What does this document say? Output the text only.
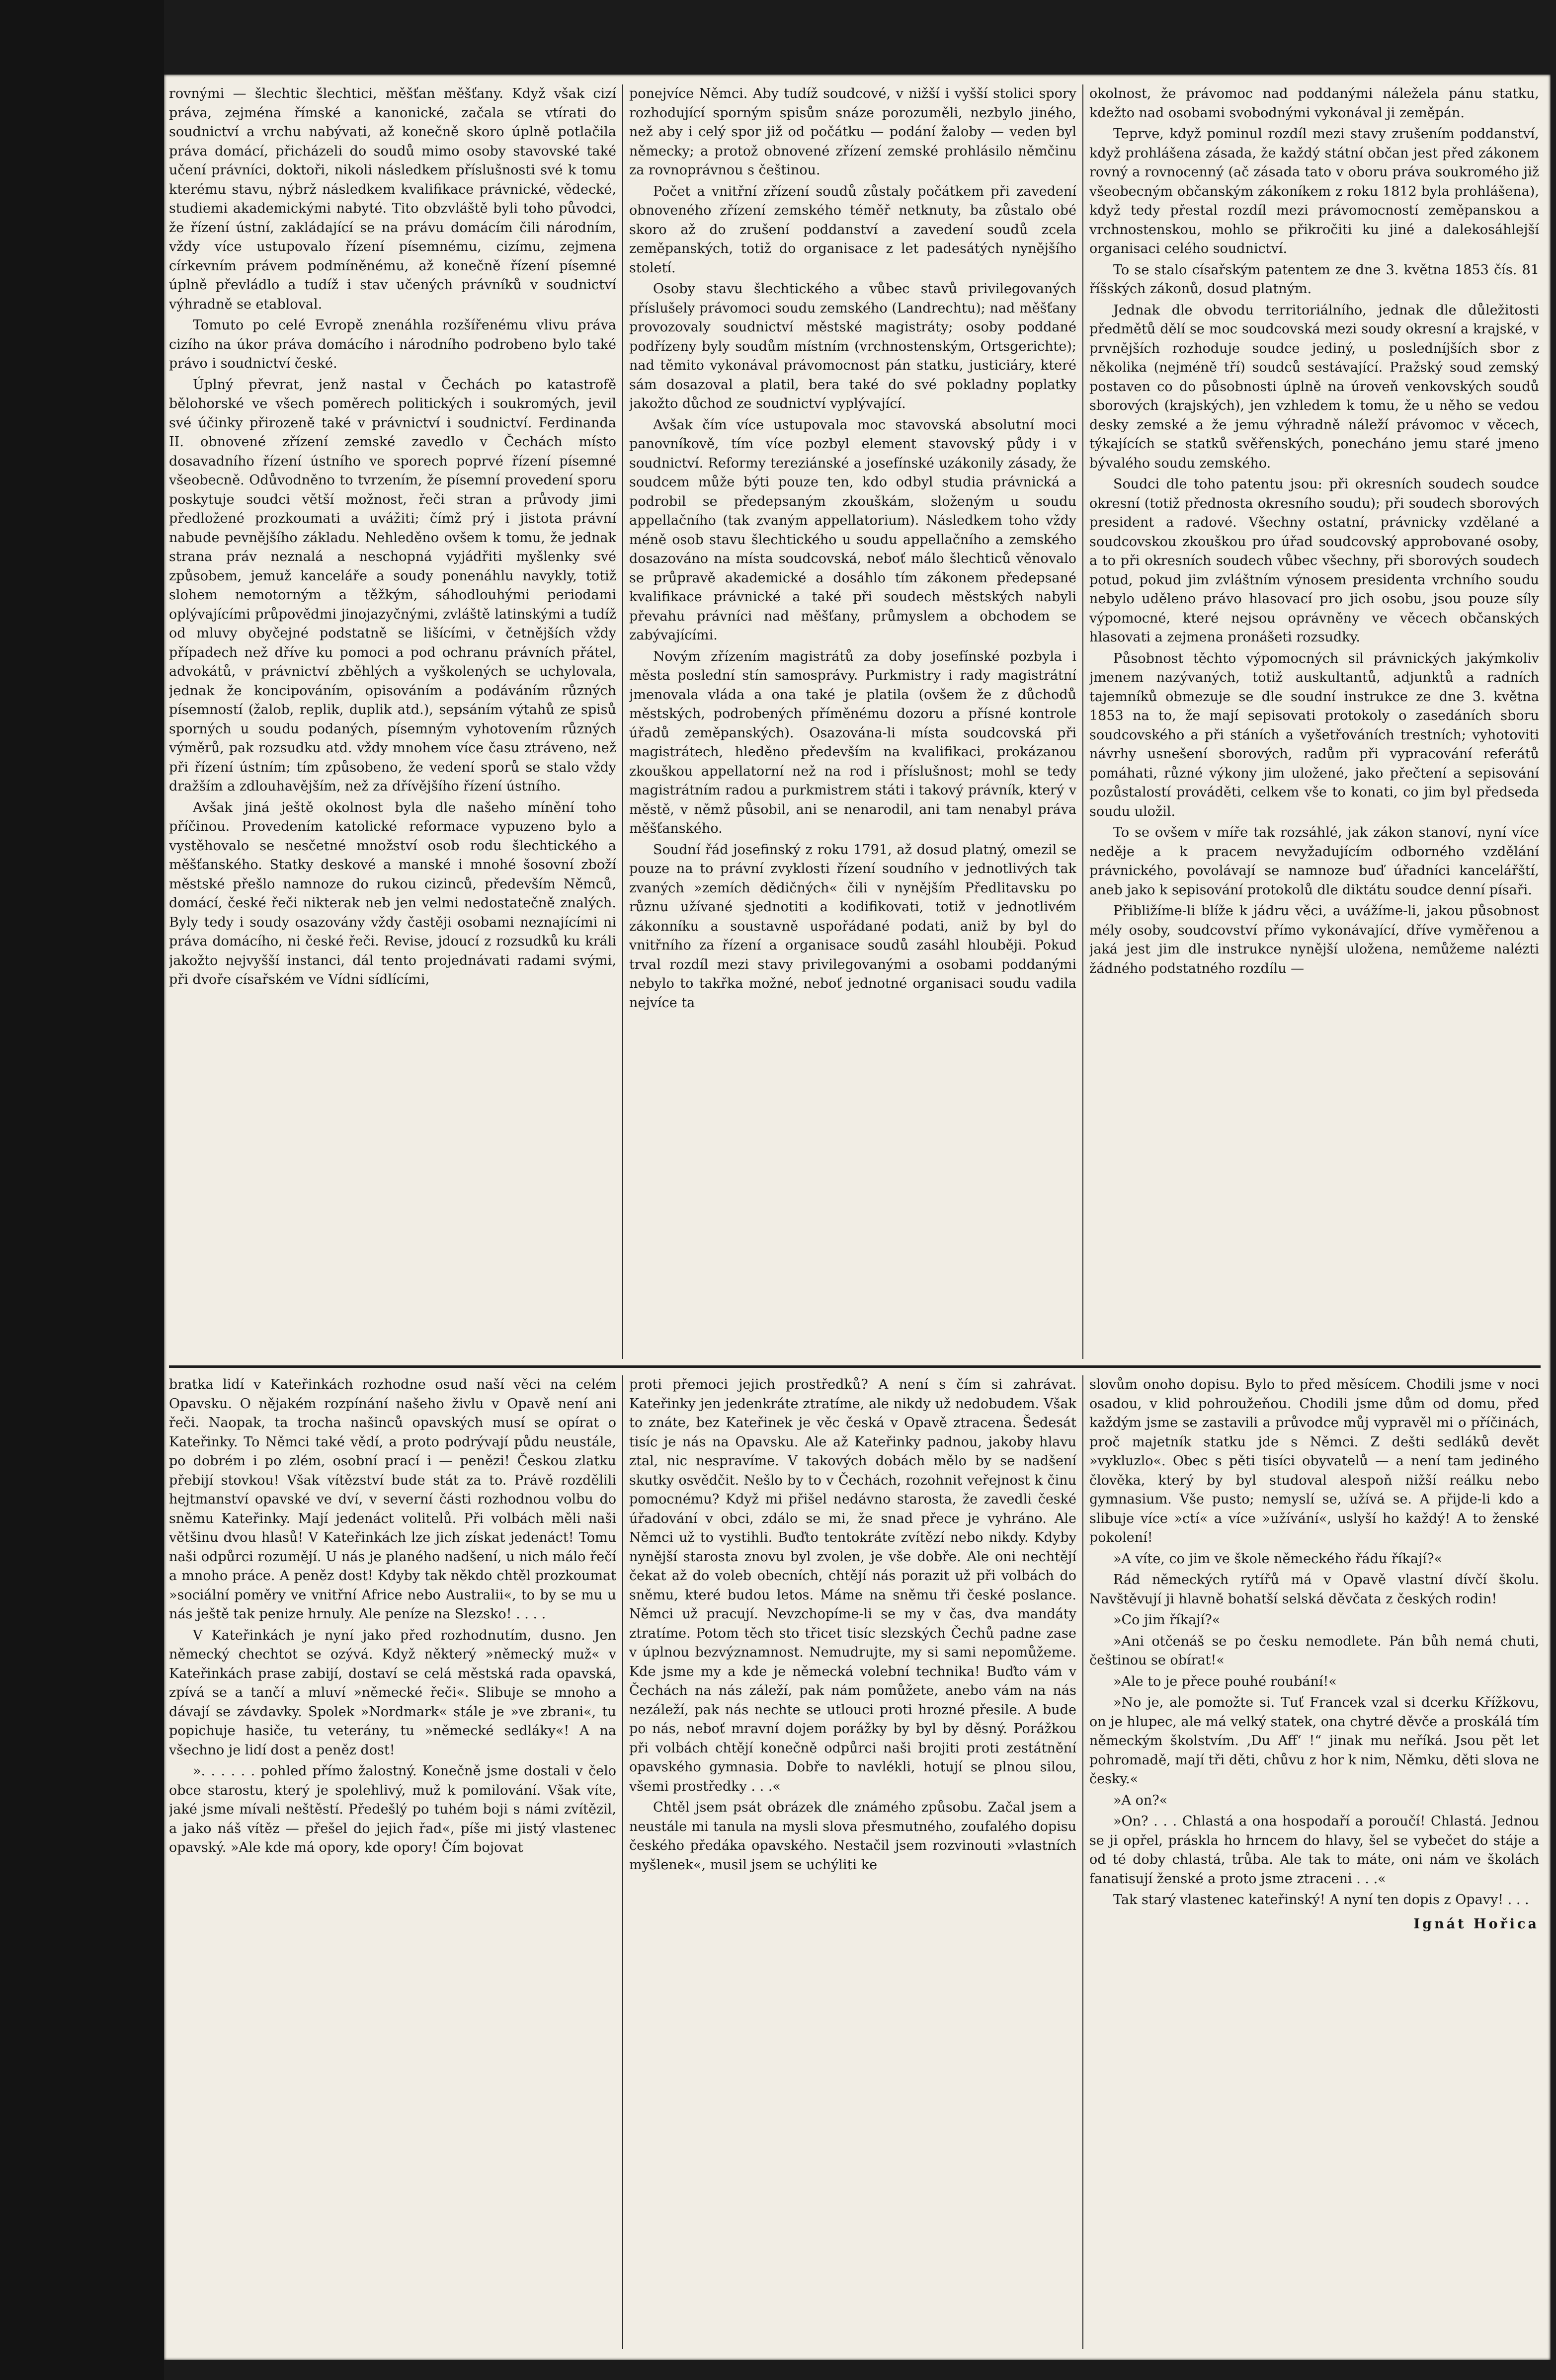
rovnými — šlechtic šlechtici, měšťan měšťany. Když však cizí práva, zejména římské a kanonické, začala se vtírati do soudnictví a vrchu nabývati, až konečně skoro úplně potlačila práva domácí, přicházeli do soudů mimo osoby stavovské také učení právníci, doktoři, nikoli následkem příslušnosti své k tomu kterému stavu, nýbrž následkem kvalifikace právnické, vědecké, studiemi akademickými nabyté. Tito obzvláště byli toho původci, že řízení ústní, zakládající se na právu domácím čili národním, vždy více ustupovalo řízení písemnému, cizímu, zejmena církevním právem podmíněnému, až konečně řízení písemné úplně převládlo a tudíž i stav učených právníků v soudnictví výhradně se etabloval.

Tomuto po celé Evropě znenáhla rozšířenému vlivu práva cizího na úkor práva domácího i národního podrobeno bylo také právo i soudnictví české.

Úplný převrat, jenž nastal v Čechách po katastrofě bělohorské ve všech poměrech politických i soukromých, jevil své účinky přirozeně také v právnictví i soudnictví. Ferdinanda II. obnovené zřízení zemské zavedlo v Čechách místo dosavadního řízení ústního ve sporech poprvé řízení písemné všeobecně. Odůvodněno to tvrzením, že písemní provedení sporu poskytuje soudci větší možnost, řeči stran a průvody jimi předložené prozkoumati a uvážiti; čímž prý i jistota právní nabude pevnějšího základu. Nehleděno ovšem k tomu, že jednak strana práv neznalá a neschopná vyjádřiti myšlenky své způsobem, jemuž kanceláře a soudy ponenáhlu navykly, totiž slohem nemotorným a těžkým, sáhodlouhými periodami oplývajícími průpovědmi jinojazyčnými, zvláště latinskými a tudíž od mluvy obyčejné podstatně se lišícími, v četnějších vždy případech než dříve ku pomoci a pod ochranu právních přátel, advokátů, v právnictví zběhlých a vyškolených se uchylovala, jednak že koncipováním, opisováním a podáváním různých písemností (žalob, replik, duplik atd.), sepsáním výtahů ze spisů sporných u soudu podaných, písemným vyhotovením různých výměrů, pak rozsudku atd. vždy mnohem více času ztráveno, než při řízení ústním; tím způsobeno, že vedení sporů se stalo vždy dražším a zdlouhavějším, než za dřívějšího řízení ústního.

Avšak jiná ještě okolnost byla dle našeho mínění toho příčinou. Provedením katolické reformace vypuzeno bylo a vystěhovalo se nesčetné množství osob rodu šlechtického a měšťanského. Statky deskové a manské i mnohé šosovní zboží městské přešlo namnoze do rukou cizinců, především Němců, domácí, české řeči nikterak neb jen velmi nedostatečně znalých. Byly tedy i soudy osazovány vždy častěji osobami neznajícími ni práva domácího, ni české řeči. Revise, jdoucí z rozsudků ku králi jakožto nejvyšší instanci, dál tento projednávati radami svými, při dvoře císařském ve Vídni sídlícími,

ponejvíce Němci. Aby tudíž soudcové, v nižší i vyšší stolici spory rozhodující sporným spisům snáze porozuměli, nezbylo jiného, než aby i celý spor již od počátku — podání žaloby — veden byl německy; a protož obnovené zřízení zemské prohlásilo němčinu za rovnoprávnou s češtinou.

Počet a vnitřní zřízení soudů zůstaly počátkem při zavedení obnoveného zřízení zemského téměř netknuty, ba zůstalo obé skoro až do zrušení poddanství a zavedení soudů zcela zeměpanských, totiž do organisace z let padesátých nynějšího století.

Osoby stavu šlechtického a vůbec stavů privilegovaných příslušely právomoci soudu zemského (Landrechtu); nad měšťany provozovaly soudnictví městské magistráty; osoby poddané podřízeny byly soudům místním (vrchnostenským, Ortsgerichte); nad těmito vykonával právomocnost pán statku, justiciáry, které sám dosazoval a platil, bera také do své pokladny poplatky jakožto důchod ze soudnictví vyplývající.

Avšak čím více ustupovala moc stavovská absolutní moci panovníkově, tím více pozbyl element stavovský půdy i v soudnictví. Reformy tereziánské a josefínské uzákonily zásady, že soudcem může býti pouze ten, kdo odbyl studia právnická a podrobil se předepsaným zkouškám, složeným u soudu appellačního (tak zvaným appellatorium). Následkem toho vždy méně osob stavu šlechtického u soudu appellačního a zemského dosazováno na místa soudcovská, neboť málo šlechticů věnovalo se průpravě akademické a dosáhlo tím zákonem předepsané kvalifikace právnické a také při soudech městských nabyli převahu právníci nad měšťany, průmyslem a obchodem se zabývajícími.

Novým zřízením magistrátů za doby josefínské pozbyla i města poslední stín samosprávy. Purkmistry i rady magistrátní jmenovala vláda a ona také je platila (ovšem že z důchodů městských, podrobených příměnému dozoru a přísné kontrole úřadů zeměpanských). Osazována-li místa soudcovská při magistrátech, hleděno především na kvalifikaci, prokázanou zkouškou appellatorní než na rod i příslušnost; mohl se tedy magistrátním radou a purkmistrem státi i takový právník, který v městě, v němž působil, ani se nenarodil, ani tam nenabyl práva měšťanského.

Soudní řád josefinský z roku 1791, až dosud platný, omezil se pouze na to právní zvyklosti řízení soudního v jednotlivých tak zvaných »zemích dědičných« čili v nynějším Předlitavsku po různu užívané sjednotiti a kodifikovati, totiž v jednotlivém zákonníku a soustavně uspořádané podati, aniž by byl do vnitřního za řízení a organisace soudů zasáhl hlouběji. Pokud trval rozdíl mezi stavy privilegovanými a osobami poddanými nebylo to takřka možné, neboť jednotné organisaci soudu vadila nejvíce ta

okolnost, že právomoc nad poddanými náležela pánu statku, kdežto nad osobami svobodnými vykonával ji zeměpán.

Teprve, když pominul rozdíl mezi stavy zrušením poddanství, když prohlášena zásada, že každý státní občan jest před zákonem rovný a rovnocenný (ač zásada tato v oboru práva soukromého již všeobecným občanským zákoníkem z roku 1812 byla prohlášena), když tedy přestal rozdíl mezi právomocností zeměpanskou a vrchnostenskou, mohlo se přikročiti ku jiné a dalekosáhlejší organisaci celého soudnictví.

To se stalo císařským patentem ze dne 3. května 1853 čís. 81 říšských zákonů, dosud platným.

Jednak dle obvodu territoriálního, jednak dle důležitosti předmětů dělí se moc soudcovská mezi soudy okresní a krajské, v prvnějších rozhoduje soudce jediný, u posledníjších sbor z několika (nejméně tří) soudců sestávající. Pražský soud zemský postaven co do působnosti úplně na úroveň venkovských soudů sborových (krajských), jen vzhledem k tomu, že u něho se vedou desky zemské a že jemu výhradně náleží právomoc v věcech, týkajících se statků svěřenských, ponecháno jemu staré jmeno bývalého soudu zemského.

Soudci dle toho patentu jsou: při okresních soudech soudce okresní (totiž přednosta okresního soudu); při soudech sborových president a radové. Všechny ostatní, právnicky vzdělané a soudcovskou zkouškou pro úřad soudcovský approbované osoby, a to při okresních soudech vůbec všechny, při sborových soudech potud, pokud jim zvláštním výnosem presidenta vrchního soudu nebylo uděleno právo hlasovací pro jich osobu, jsou pouze síly výpomocné, které nejsou oprávněny ve věcech občanských hlasovati a zejmena pronášeti rozsudky.

Působnost těchto výpomocných sil právnických jakýmkoliv jmenem nazývaných, totiž auskultantů, adjunktů a radních tajemníků obmezuje se dle soudní instrukce ze dne 3. května 1853 na to, že mají sepisovati protokoly o zasedáních sboru soudcovského a při stáních a vyšetřováních trestních; vyhotoviti návrhy usnešení sborových, radům při vypracování referátů pomáhati, různé výkony jim uložené, jako přečtení a sepisování pozůstalostí prováděti, celkem vše to konati, co jim byl předseda soudu uložil.

To se ovšem v míře tak rozsáhlé, jak zákon stanoví, nyní více neděje a k pracem nevyžadujícím odborného vzdělání právnického, povolávají se namnoze buď úřadníci kancelářští, aneb jako k sepisování protokolů dle diktátu soudce denní písaři.

Přibližíme-li blíže k jádru věci, a uvážíme-li, jakou působnost mély osoby, soudcovství přímo vykonávající, dříve vyměřenou a jaká jest jim dle instrukce nynější uložena, nemůžeme nalézti žádného podstatného rozdílu —

bratka lidí v Kateřinkách rozhodne osud naší věci na celém Opavsku. O nějakém rozpínání našeho živlu v Opavě není ani řeči. Naopak, ta trocha našinců opavských musí se opírat o Kateřinky. To Němci také vědí, a proto podrývají půdu neustále, po dobrém i po zlém, osobní prací i — penězi! Českou zlatku přebijí stovkou! Však vítězství bude stát za to. Právě rozdělili hejtmanství opavské ve dví, v severní části rozhodnou volbu do sněmu Kateřinky. Mají jedenáct volitelů. Při volbách měli naši většinu dvou hlasů! V Kateřinkách lze jich získat jedenáct! Tomu naši odpůrci rozumějí. U nás je planého nadšení, u nich málo řečí a mnoho práce. A peněz dost! Kdyby tak někdo chtěl prozkoumat »sociální poměry ve vnitřní Africe nebo Australii«, to by se mu u nás ještě tak penize hrnuly. Ale peníze na Slezsko! . . . .

V Kateřinkách je nyní jako před rozhodnutím, dusno. Jen německý chechtot se ozývá. Když některý »německý muž« v Kateřinkách prase zabijí, dostaví se celá městská rada opavská, zpívá se a tančí a mluví »německé řeči«. Slibuje se mnoho a dávají se závdavky. Spolek »Nordmark« stále je »ve zbrani«, tu popichuje hasiče, tu veterány, tu »německé sedláky«! A na všechno je lidí dost a peněz dost!

». . . . . . pohled přímo žalostný. Konečně jsme dostali v čelo obce starostu, který je spolehlivý, muž k pomilování. Však víte, jaké jsme mívali neštěstí. Předešlý po tuhém boji s námi zvítězil, a jako náš vítěz — přešel do jejich řad«, píše mi jistý vlastenec opavský. »Ale kde má opory, kde opory! Čím bojovat

proti přemoci jejich prostředků? A není s čím si zahrávat. Kateřinky jen jedenkráte ztratíme, ale nikdy už nedobudem. Však to znáte, bez Kateřinek je věc česká v Opavě ztracena. Šedesát tisíc je nás na Opavsku. Ale až Kateřinky padnou, jakoby hlavu ztal, nic nespravíme. V takových dobách mělo by se nadšení skutky osvědčit. Nešlo by to v Čechách, rozohnit veřejnost k činu pomocnému? Když mi přišel nedávno starosta, že zavedli české úřadování v obci, zdálo se mi, že snad přece je vyhráno. Ale Němci už to vystihli. Buďto tentokráte zvítězí nebo nikdy. Kdyby nynější starosta znovu byl zvolen, je vše dobře. Ale oni nechtějí čekat až do voleb obecních, chtějí nás porazit už při volbách do sněmu, které budou letos. Máme na sněmu tři české poslance. Němci už pracují. Nevzchopíme-li se my v čas, dva mandáty ztratíme. Potom těch sto třicet tisíc slezských Čechů padne zase v úplnou bezvýznamnost. Nemudrujte, my si sami nepomůžeme. Kde jsme my a kde je německá volební technika! Buďto vám v Čechách na nás záleží, pak nám pomůžete, anebo vám na nás nezáleží, pak nás nechte se utlouci proti hrozné přesile. A bude po nás, neboť mravní dojem porážky by byl by děsný. Porážkou při volbách chtějí konečně odpůrci naši brojiti proti zestátnění opavského gymnasia. Dobře to navlékli, hotují se plnou silou, všemi prostředky . . .«

Chtěl jsem psát obrázek dle známého způsobu. Začal jsem a neustále mi tanula na mysli slova přesmutného, zoufalého dopisu českého předáka opavského. Nestačil jsem rozvinouti »vlastních myšlenek«, musil jsem se uchýliti ke

slovům onoho dopisu. Bylo to před měsícem. Chodili jsme v noci osadou, v klid pohroužeňou. Chodili jsme dům od domu, před každým jsme se zastavili a průvodce můj vypravěl mi o příčinách, proč majetník statku jde s Němci. Z dešti sedláků devět »vykluzlo«. Obec s pěti tisíci obyvatelů — a není tam jediného člověka, který by byl studoval alespoň nižší reálku nebo gymnasium. Vše pusto; nemyslí se, užívá se. A přijde-li kdo a slibuje více »ctí« a více »užívání«, uslyší ho každý! A to ženské pokolení!

»A víte, co jim ve škole německého řádu říkají?«

Rád německých rytířů má v Opavě vlastní dívčí školu. Navštěvují ji hlavně bohatší selská děvčata z českých rodin!

»Co jim říkají?«

»Ani otčenáš se po česku nemodlete. Pán bůh nemá chuti, češtinou se obírat!«

»Ale to je přece pouhé roubání!«

»No je, ale pomožte si. Tuť Francek vzal si dcerku Křížkovu, on je hlupec, ale má velký statek, ona chytré děvče a proskálá tím německým školstvím. ‚Du Aff‘ !“ jinak mu neříká. Jsou pět let pohromadě, mají tři děti, chůvu z hor k nim, Němku, děti slova ne česky.«

»A on?«

»On? . . . Chlastá a ona hospodaří a poroučí! Chlastá. Jednou se ji opřel, práskla ho hrncem do hlavy, šel se vybečet do stáje a od té doby chlastá, trůba. Ale tak to máte, oni nám ve školách fanatisují ženské a proto jsme ztraceni . . .«

Tak starý vlastenec kateřinský! A nyní ten dopis z Opavy! . . .

Ignát Hořica
